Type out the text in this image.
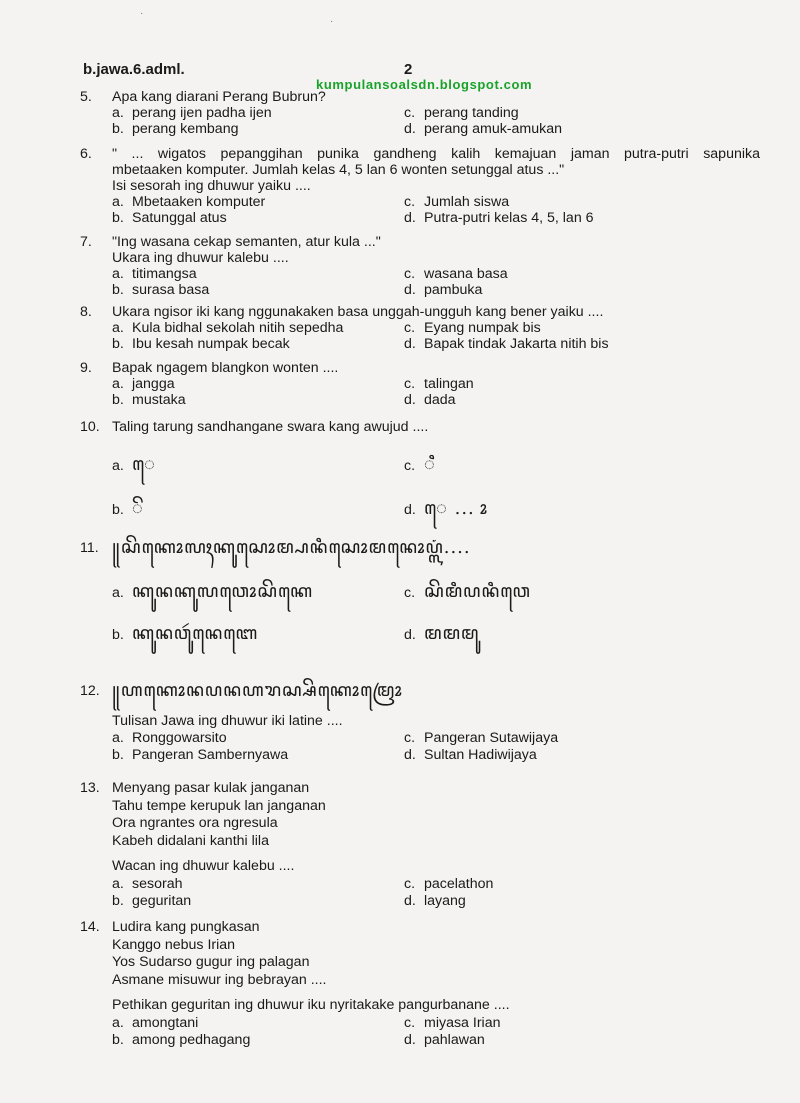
·
·
b.jawa.6.adml.	2
kumpulansoalsdn.blogspot.com
5.	Apa kang diarani Perang Bubrun?
a. perang ijen padha ijen	c. perang tanding
b. perang kembang	d. perang amuk-amukan
6.	" ... wigatos pepanggihan punika gandheng kalih kemajuan jaman putra-putri sapunika
mbetaaken komputer. Jumlah kelas 4, 5 lan 6 wonten setunggal atus ..."
Isi sesorah ing dhuwur yaiku ....
a. Mbetaaken komputer	c. Jumlah siswa
b. Satunggal atus	d. Putra-putri kelas 4, 5, lan 6
7.	"Ing wasana cekap semanten, atur kula ..."
Ukara ing dhuwur kalebu ....
a. titimangsa	c. wasana basa
b. surasa basa	d. pambuka
8.	Ukara ngisor iki kang nggunakaken basa unggah-ungguh kang bener yaiku ....
a. Kula bidhal sekolah nitih sepedha	c. Eyang numpak bis
b. Ibu kesah numpak becak	d. Bapak tindak Jakarta nitih bis
9.	Bapak ngagem blangkon wonten ....
a. jangga	c. talingan
b. mustaka	d. dada
10. Taling tarung sandhangane swara kang awujud ....
a. ꦺ	c. ꦶ
b. ꦼ	d. ꦺ ... ꦴ
11. ꧋ꦱꦼꦏꦺꦴꦭꦃꦏꦸꦱꦺꦴꦩ꧀ꦥꦤꦶꦱꦺꦴꦩꦤꦺꦴꦥ꧀ꦭꦁ....
a. ꦏꦸꦤꦏꦸꦭꦮꦺꦴꦱꦼꦏꦺ	c. ꦱꦼꦩꦶꦥꦤꦶꦮꦺ
b. ꦏꦸꦤꦮꦸꦂꦤꦺꦧꦺ	d. ꦩꦩꦩꦸ
12. ꧋ꦲꦏꦺꦴꦤꦥꦤꦲꦫꦱ꧀ꦱꦼꦏꦺꦴꦩꦿꦺꦴ
Tulisan Jawa ing dhuwur iki latine ....
a. Ronggowarsito	c. Pangeran Sutawijaya
b. Pangeran Sambernyawa	d. Sultan Hadiwijaya
13. Menyang pasar kulak janganan
Tahu tempe kerupuk lan janganan
Ora ngrantes ora ngresula
Kabeh didalani kanthi lila
Wacan ing dhuwur kalebu ....
a. sesorah	c. pacelathon
b. geguritan	d. layang
14. Ludira kang pungkasan
Kanggo nebus Irian
Yos Sudarso gugur ing palagan
Asmane misuwur ing bebrayan ....
Pethikan geguritan ing dhuwur iku nyritakake pangurbanane ....
a. amongtani	c. miyasa Irian
b. among pedhagang	d. pahlawan
